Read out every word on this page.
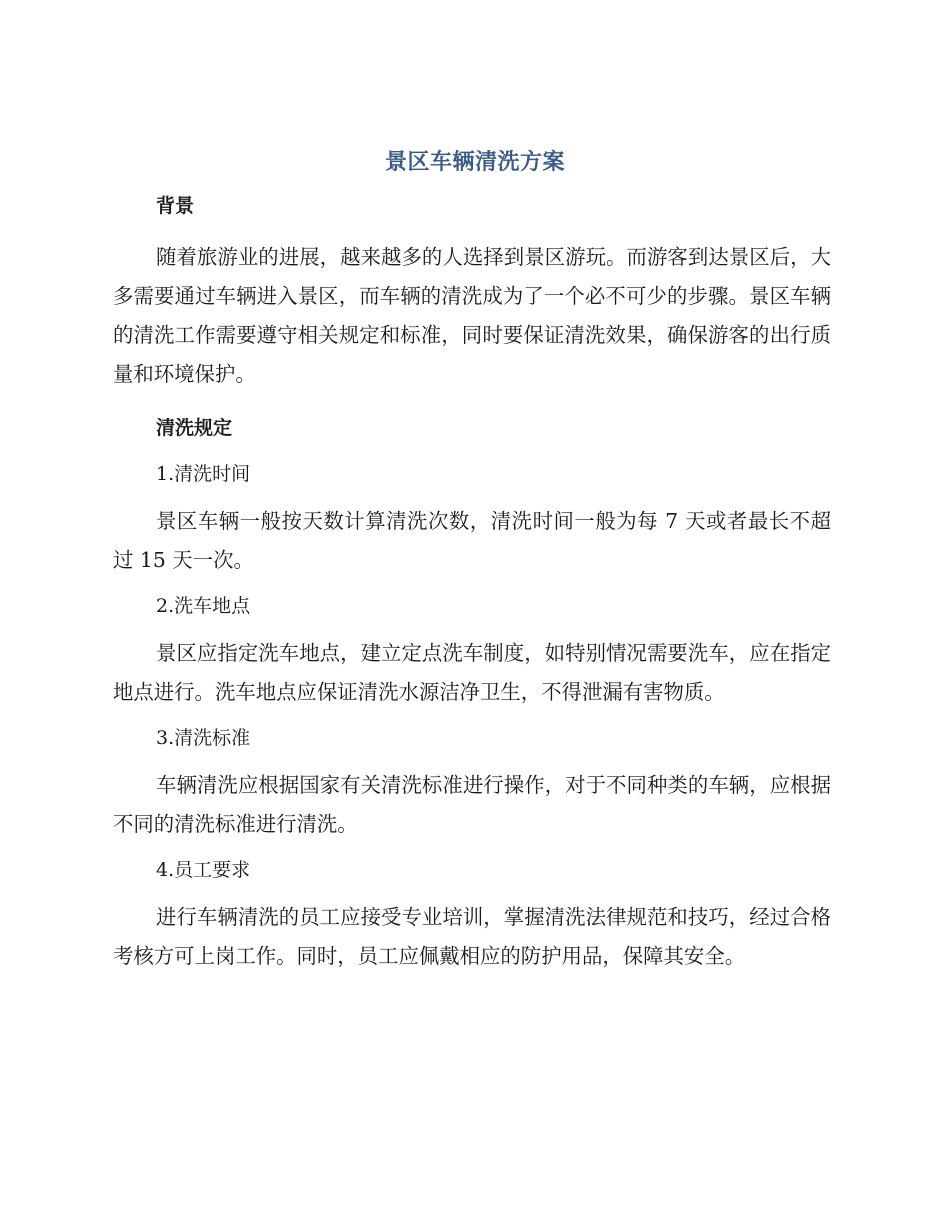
景区车辆清洗方案
背景

随着旅游业的进展，越来越多的人选择到景区游玩。而游客到达景区后，大多需要通过车辆进入景区，而车辆的清洗成为了一个必不可少的步骤。景区车辆的清洗工作需要遵守相关规定和标准，同时要保证清洗效果，确保游客的出行质量和环境保护。

清洗规定
1.清洗时间

景区车辆一般按天数计算清洗次数，清洗时间一般为每 7 天或者最长不超过 15 天一次。

2.洗车地点

景区应指定洗车地点，建立定点洗车制度，如特别情况需要洗车，应在指定地点进行。洗车地点应保证清洗水源洁净卫生，不得泄漏有害物质。

3.清洗标准

车辆清洗应根据国家有关清洗标准进行操作，对于不同种类的车辆，应根据不同的清洗标准进行清洗。

4.员工要求

进行车辆清洗的员工应接受专业培训，掌握清洗法律规范和技巧，经过合格考核方可上岗工作。同时，员工应佩戴相应的防护用品，保障其安全。
